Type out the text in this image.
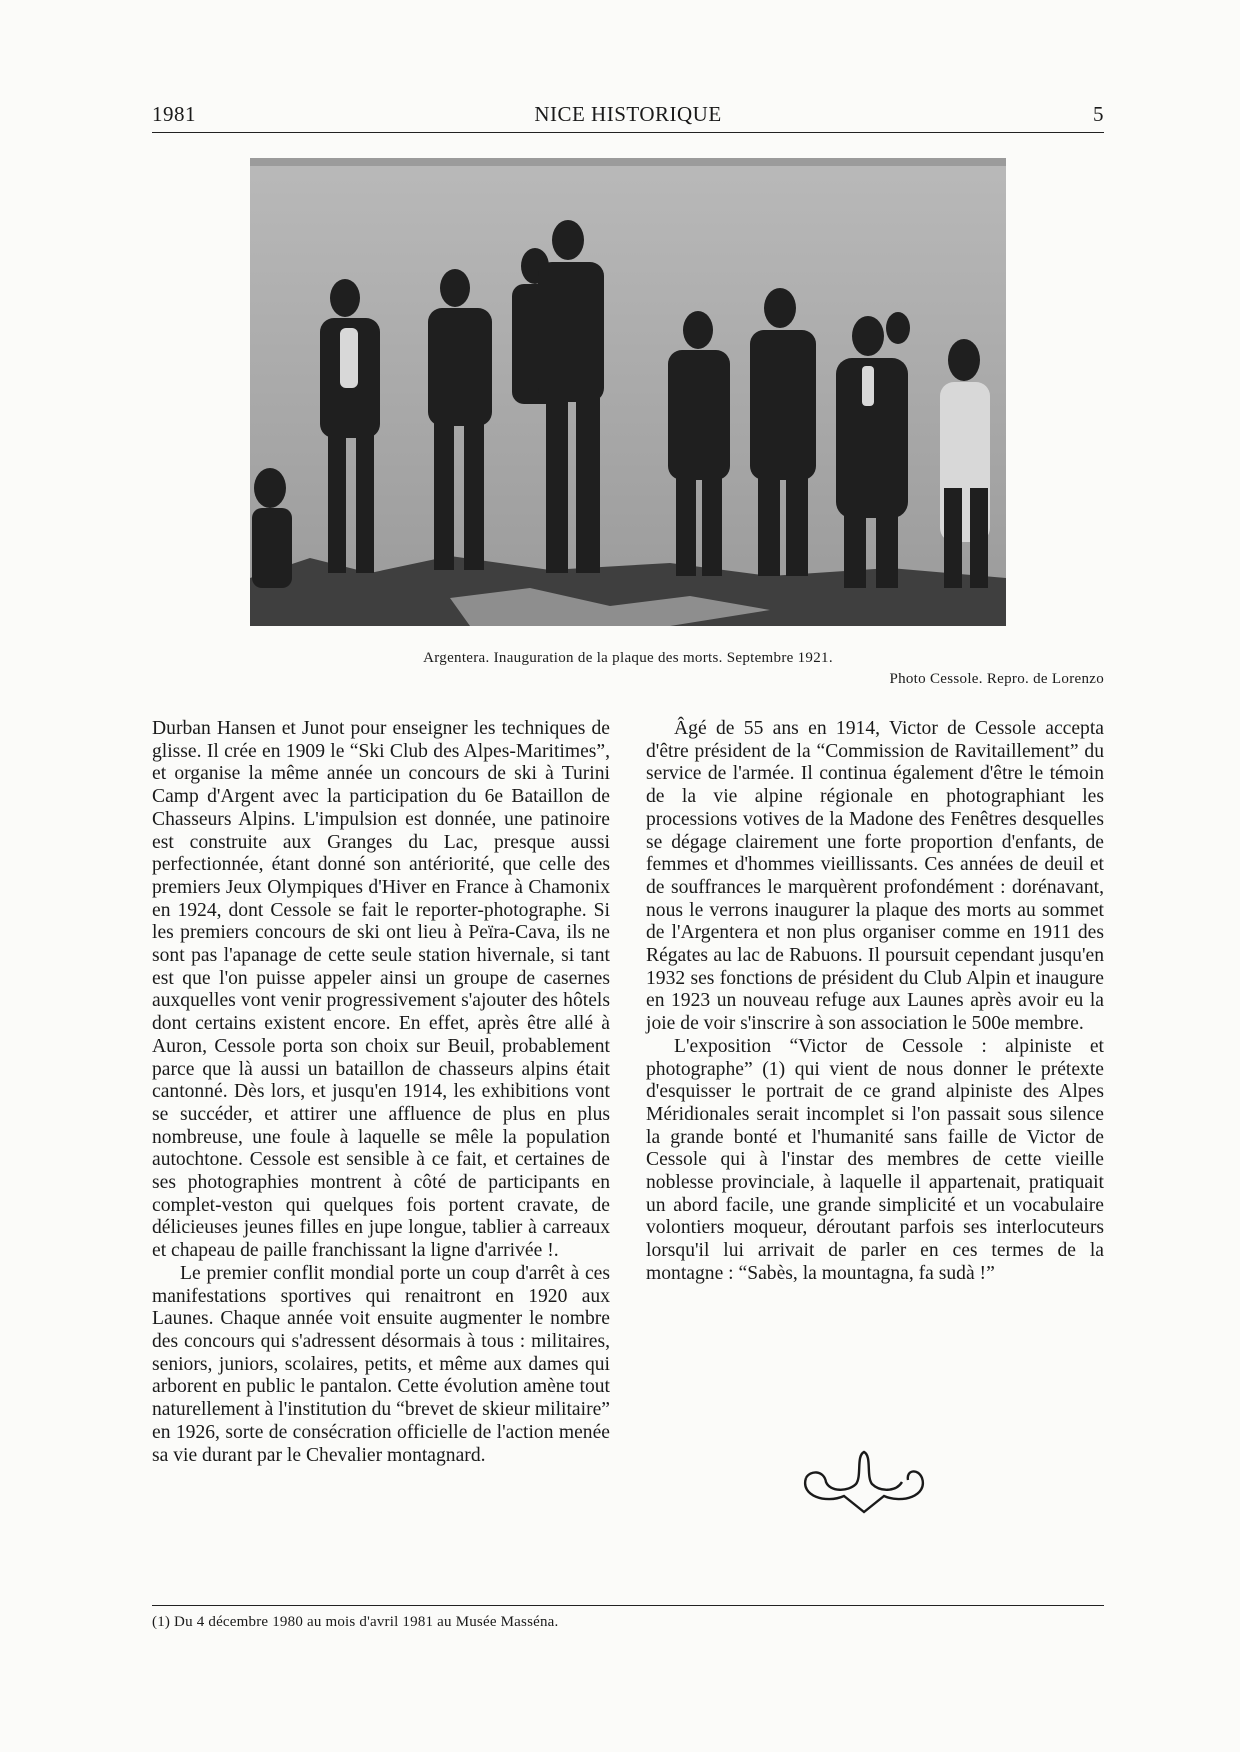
1981	NICE HISTORIQUE	5
Argentera. Inauguration de la plaque des morts. Septembre 1921.
Photo Cessole. Repro. de Lorenzo

Durban Hansen et Junot pour enseigner les techniques de glisse. Il crée en 1909 le “Ski Club des Alpes-Maritimes”, et organise la même année un concours de ski à Turini Camp d'Argent avec la participation du 6e Bataillon de Chasseurs Alpins. L'impulsion est donnée, une patinoire est construite aux Granges du Lac, presque aussi perfectionnée, étant donné son antériorité, que celle des premiers Jeux Olympiques d'Hiver en France à Chamonix en 1924, dont Cessole se fait le reporter-photographe. Si les premiers concours de ski ont lieu à Peïra-Cava, ils ne sont pas l'apanage de cette seule station hivernale, si tant est que l'on puisse appeler ainsi un groupe de casernes auxquelles vont venir progressivement s'ajouter des hôtels dont certains existent encore. En effet, après être allé à Auron, Cessole porta son choix sur Beuil, probablement parce que là aussi un bataillon de chasseurs alpins était cantonné. Dès lors, et jusqu'en 1914, les exhibitions vont se succéder, et attirer une affluence de plus en plus nombreuse, une foule à laquelle se mêle la population autochtone. Cessole est sensible à ce fait, et certaines de ses photographies montrent à côté de participants en complet-veston qui quelques fois portent cravate, de délicieuses jeunes filles en jupe longue, tablier à carreaux et chapeau de paille franchissant la ligne d'arrivée !.

Le premier conflit mondial porte un coup d'arrêt à ces manifestations sportives qui renaitront en 1920 aux Launes. Chaque année voit ensuite augmenter le nombre des concours qui s'adressent désormais à tous : militaires, seniors, juniors, scolaires, petits, et même aux dames qui arborent en public le pantalon. Cette évolution amène tout naturellement à l'institution du “brevet de skieur militaire” en 1926, sorte de consécration officielle de l'action menée sa vie durant par le Chevalier montagnard.

Âgé de 55 ans en 1914, Victor de Cessole accepta d'être président de la “Commission de Ravitaillement” du service de l'armée. Il continua également d'être le témoin de la vie alpine régionale en photographiant les processions votives de la Madone des Fenêtres desquelles se dégage clairement une forte proportion d'enfants, de femmes et d'hommes vieillissants. Ces années de deuil et de souffrances le marquèrent profondément : dorénavant, nous le verrons inaugurer la plaque des morts au sommet de l'Argentera et non plus organiser comme en 1911 des Régates au lac de Rabuons. Il poursuit cependant jusqu'en 1932 ses fonctions de président du Club Alpin et inaugure en 1923 un nouveau refuge aux Launes après avoir eu la joie de voir s'inscrire à son association le 500e membre.

L'exposition “Victor de Cessole : alpiniste et photographe” (1) qui vient de nous donner le prétexte d'esquisser le portrait de ce grand alpiniste des Alpes Méridionales serait incomplet si l'on passait sous silence la grande bonté et l'humanité sans faille de Victor de Cessole qui à l'instar des membres de cette vieille noblesse provinciale, à laquelle il appartenait, pratiquait un abord facile, une grande simplicité et un vocabulaire volontiers moqueur, déroutant parfois ses interlocuteurs lorsqu'il lui arrivait de parler en ces termes de la montagne : “Sabès, la mountagna, fa sudà !”

(1) Du 4 décembre 1980 au mois d'avril 1981 au Musée Masséna.
